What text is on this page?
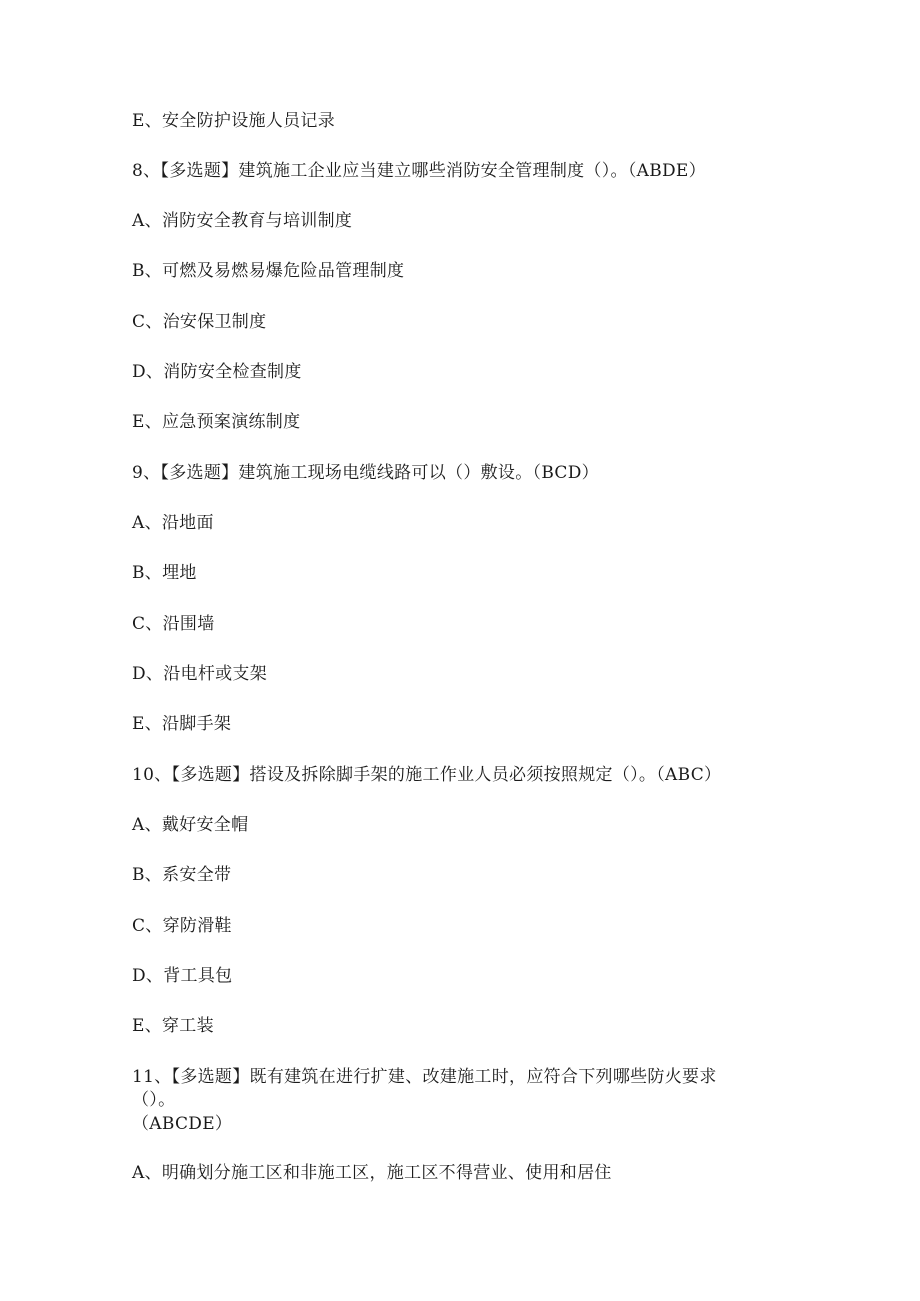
E、安全防护设施人员记录
8、【多选题】建筑施工企业应当建立哪些消防安全管理制度（）。（ABDE）
A、消防安全教育与培训制度
B、可燃及易燃易爆危险品管理制度
C、治安保卫制度
D、消防安全检查制度
E、应急预案演练制度
9、【多选题】建筑施工现场电缆线路可以（）敷设。（BCD）
A、沿地面
B、埋地
C、沿围墙
D、沿电杆或支架
E、沿脚手架
10、【多选题】搭设及拆除脚手架的施工作业人员必须按照规定（）。（ABC）
A、戴好安全帽
B、系安全带
C、穿防滑鞋
D、背工具包
E、穿工装
11、【多选题】既有建筑在进行扩建、改建施工时，应符合下列哪些防火要求
（）。
（ABCDE）
A、明确划分施工区和非施工区，施工区不得营业、使用和居住
